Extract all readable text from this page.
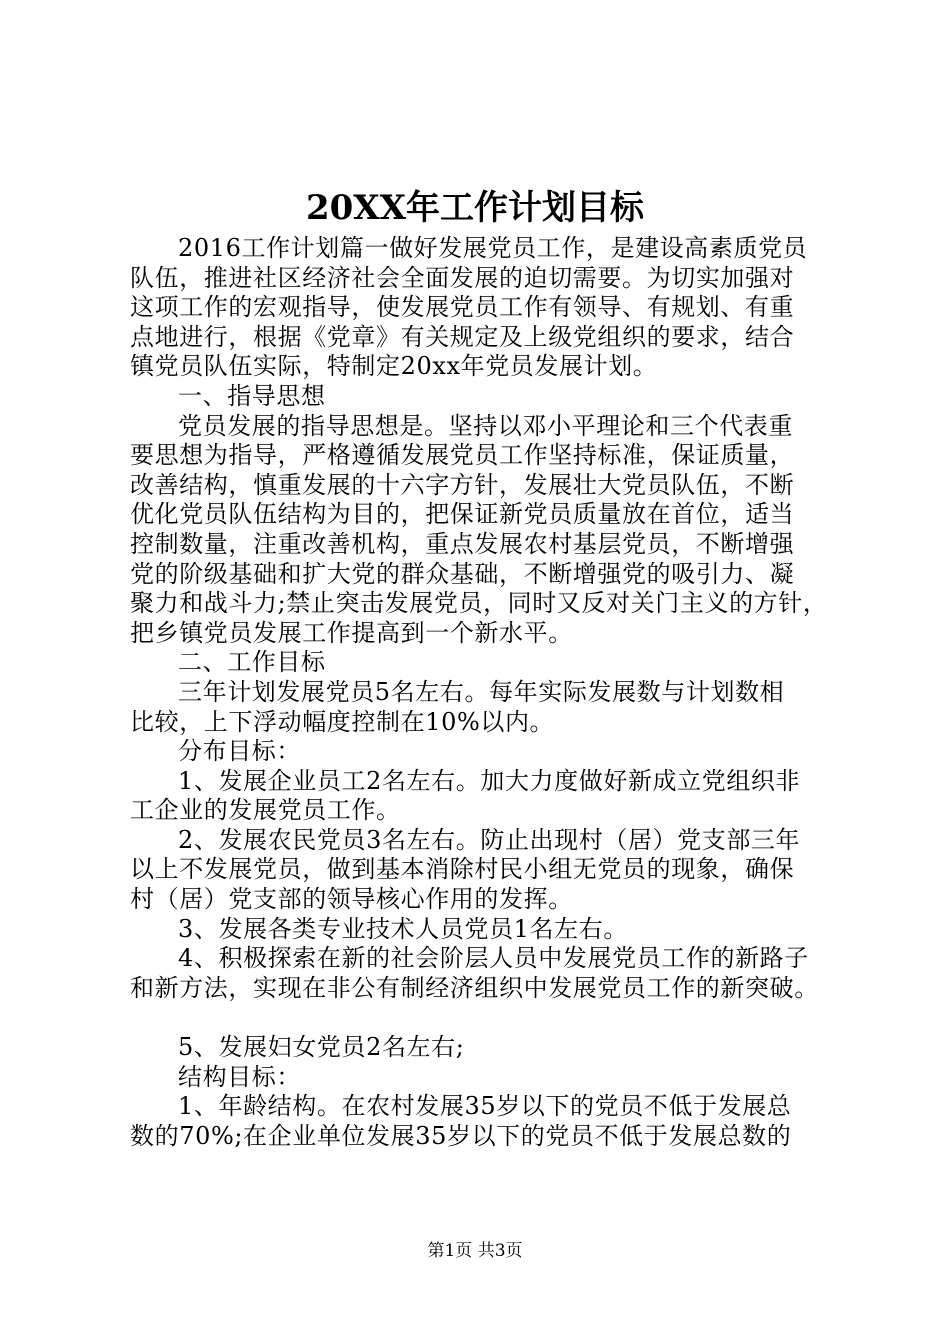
20XX年工作计划目标
2016工作计划篇一做好发展党员工作，是建设高素质党员
队伍，推进社区经济社会全面发展的迫切需要。为切实加强对
这项工作的宏观指导，使发展党员工作有领导、有规划、有重
点地进行，根据《党章》有关规定及上级党组织的要求，结合
镇党员队伍实际，特制定20xx年党员发展计划。
一、指导思想
党员发展的指导思想是。坚持以邓小平理论和三个代表重
要思想为指导，严格遵循发展党员工作坚持标准，保证质量，
改善结构，慎重发展的十六字方针，发展壮大党员队伍，不断
优化党员队伍结构为目的，把保证新党员质量放在首位，适当
控制数量，注重改善机构，重点发展农村基层党员，不断增强
党的阶级基础和扩大党的群众基础，不断增强党的吸引力、凝
聚力和战斗力;禁止突击发展党员，同时又反对关门主义的方针，
把乡镇党员发展工作提高到一个新水平。
二、工作目标
三年计划发展党员5名左右。每年实际发展数与计划数相
比较，上下浮动幅度控制在10%以内。
分布目标：
1、发展企业员工2名左右。加大力度做好新成立党组织非
工企业的发展党员工作。
2、发展农民党员3名左右。防止出现村（居）党支部三年
以上不发展党员，做到基本消除村民小组无党员的现象，确保
村（居）党支部的领导核心作用的发挥。
3、发展各类专业技术人员党员1名左右。
4、积极探索在新的社会阶层人员中发展党员工作的新路子
和新方法，实现在非公有制经济组织中发展党员工作的新突破。
5、发展妇女党员2名左右;
结构目标：
1、年龄结构。在农村发展35岁以下的党员不低于发展总
数的70%;在企业单位发展35岁以下的党员不低于发展总数的
第1页 共3页
